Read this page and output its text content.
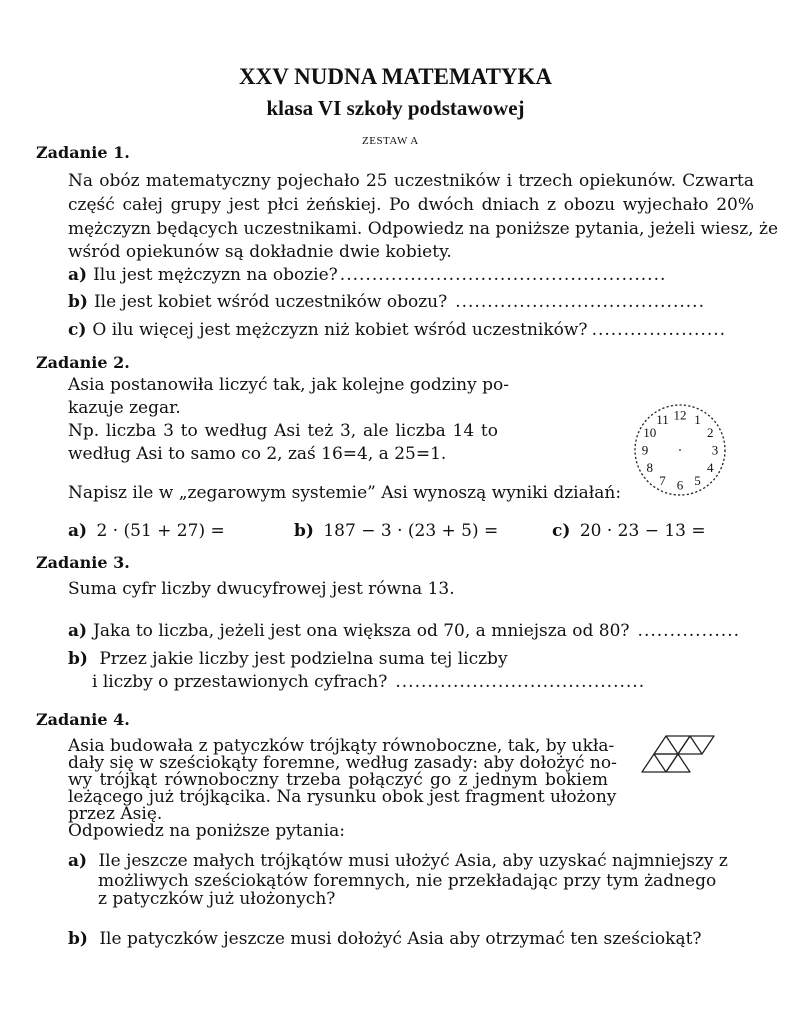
XXV NUDNA MATEMATYKA
klasa VI szkoły podstawowej
ZESTAW A
Zadanie 1.
Na obóz matematyczny pojechało 25 uczestników i trzech opiekunów. Czwarta
część całej grupy jest płci żeńskiej. Po dwóch dniach z obozu wyjechało 20%
mężczyzn będących uczestnikami. Odpowiedz na poniższe pytania, jeżeli wiesz, że
wśród opiekunów są dokładnie dwie kobiety.
a) Ilu jest mężczyzn na obozie? ...................................................
b) Ile jest kobiet wśród uczestników obozu? .......................................
c) O ilu więcej jest mężczyzn niż kobiet wśród uczestników? .....................
Zadanie 2.
Asia postanowiła liczyć tak, jak kolejne godziny po-
kazuje zegar.
Np. liczba 3 to według Asi też 3, ale liczba 14 to
według Asi to samo co 2, zaś 16=4, a 25=1.
12 1
2
3
4
5
6
7
8
9
10
11
Napisz ile w „zegarowym systemie” Asi wynoszą wyniki działań:
a) 2 · (51 + 27) =	b) 187 − 3 · (23 + 5) =	c) 20 · 23 − 13 =
Zadanie 3.
Suma cyfr liczby dwucyfrowej jest równa 13.
a) Jaka to liczba, jeżeli jest ona większa od 70, a mniejsza od 80? ................
b) Przez jakie liczby jest podzielna suma tej liczby
i liczby o przestawionych cyfrach? .......................................
Zadanie 4.
Asia budowała z patyczków trójkąty równoboczne, tak, by ukła-
dały się w sześciokąty foremne, według zasady: aby dołożyć no-
wy trójkąt równoboczny trzeba połączyć go z jednym bokiem
leżącego już trójkącika. Na rysunku obok jest fragment ułożony
przez Asię.
Odpowiedz na poniższe pytania:
a) Ile jeszcze małych trójkątów musi ułożyć Asia, aby uzyskać najmniejszy z
możliwych sześciokątów foremnych, nie przekładając przy tym żadnego
z patyczków już ułożonych?
b) Ile patyczków jeszcze musi dołożyć Asia aby otrzymać ten sześciokąt?
